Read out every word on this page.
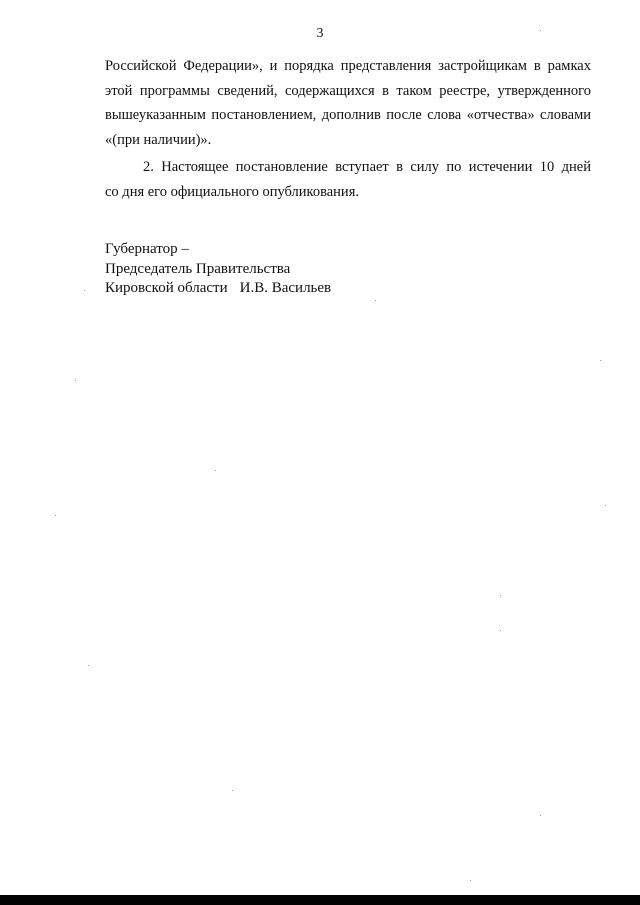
3
Российской Федерации», и порядка представления застройщикам в рамках
этой программы сведений, содержащихся в таком реестре, утвержденного
вышеуказанным постановлением, дополнив после слова «отчества» словами
«(при наличии)».
2. Настоящее постановление вступает в силу по истечении 10 дней
со дня его официального опубликования.
Губернатор –
Председатель Правительства
Кировской области И.В. Васильев
